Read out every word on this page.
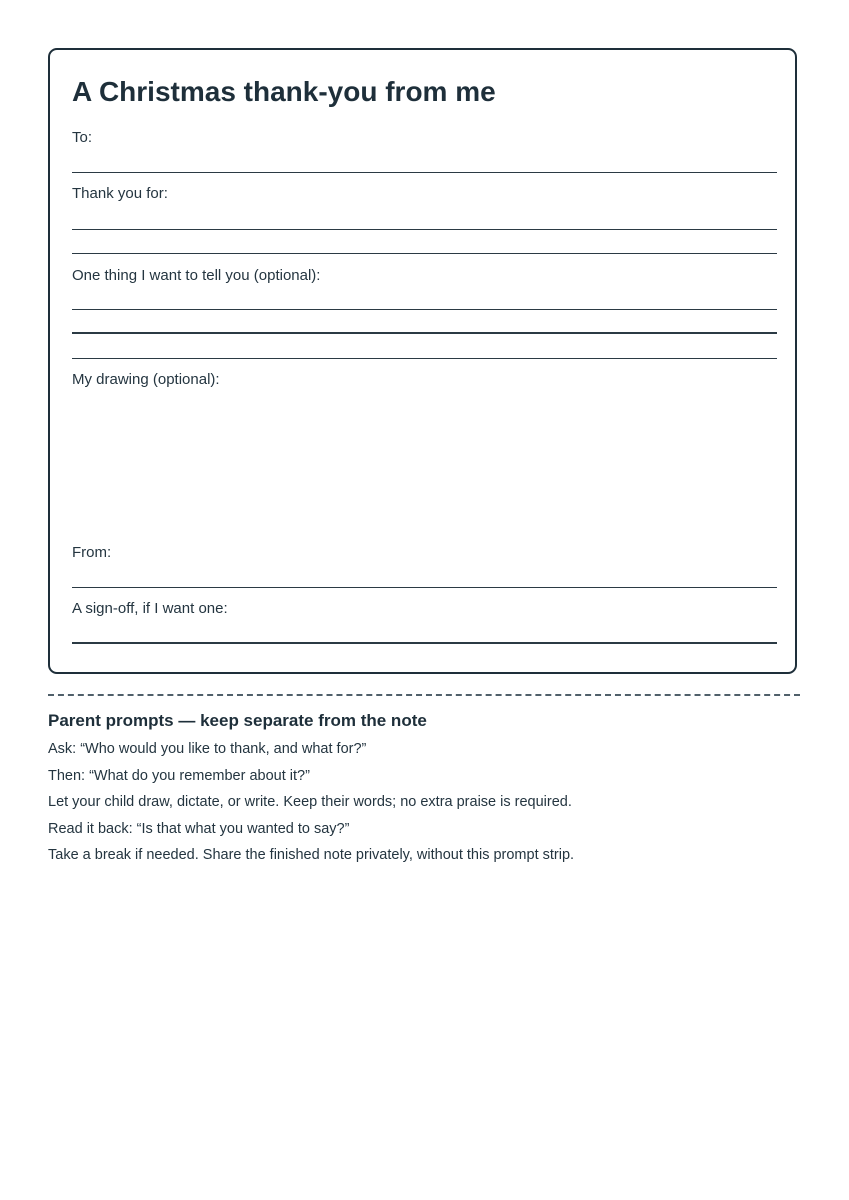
A Christmas thank-you from me
To:
Thank you for:
One thing I want to tell you (optional):
My drawing (optional):
From:
A sign-off, if I want one:
Parent prompts — keep separate from the note
Ask: “Who would you like to thank, and what for?”
Then: “What do you remember about it?”
Let your child draw, dictate, or write. Keep their words; no extra praise is required.
Read it back: “Is that what you wanted to say?”
Take a break if needed. Share the finished note privately, without this prompt strip.
